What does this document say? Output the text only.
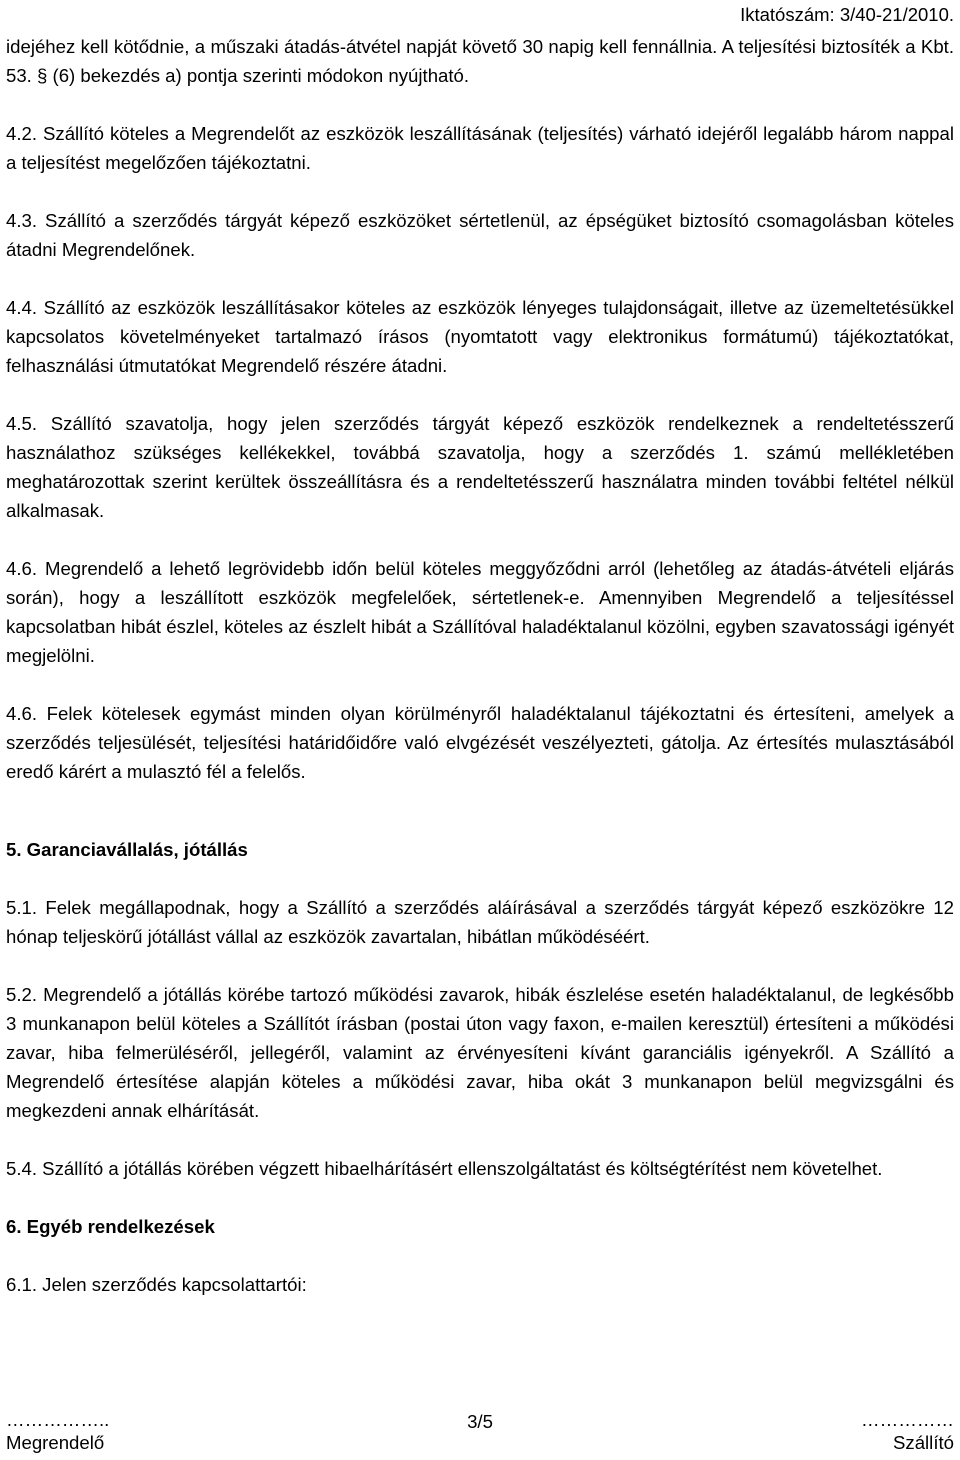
Iktatószám: 3/40-21/2010.

idejéhez kell kötődnie, a műszaki átadás-átvétel napját követő 30 napig kell fennállnia. A teljesítési biztosíték a Kbt. 53. § (6) bekezdés a) pontja szerinti módokon nyújtható.

4.2. Szállító köteles a Megrendelőt az eszközök leszállításának (teljesítés) várható idejéről legalább három nappal a teljesítést megelőzően tájékoztatni.

4.3. Szállító a szerződés tárgyát képező eszközöket sértetlenül, az épségüket biztosító csomagolásban köteles átadni Megrendelőnek.

4.4. Szállító az eszközök leszállításakor köteles az eszközök lényeges tulajdonságait, illetve az üzemeltetésükkel kapcsolatos követelményeket tartalmazó írásos (nyomtatott vagy elektronikus formátumú) tájékoztatókat, felhasználási útmutatókat Megrendelő részére átadni.

4.5. Szállító szavatolja, hogy jelen szerződés tárgyát képező eszközök rendelkeznek a rendeltetésszerű használathoz szükséges kellékekkel, továbbá szavatolja, hogy a szerződés 1. számú mellékletében meghatározottak szerint kerültek összeállításra és a rendeltetésszerű használatra minden további feltétel nélkül alkalmasak.

4.6. Megrendelő a lehető legrövidebb időn belül köteles meggyőződni arról (lehetőleg az átadás-átvételi eljárás során), hogy a leszállított eszközök megfelelőek, sértetlenek-e. Amennyiben Megrendelő a teljesítéssel kapcsolatban hibát észlel, köteles az észlelt hibát a Szállítóval haladéktalanul közölni, egyben szavatossági igényét megjelölni.

4.6. Felek kötelesek egymást minden olyan körülményről haladéktalanul tájékoztatni és értesíteni, amelyek a szerződés teljesülését, teljesítési határidőidőre való elvgézését veszélyezteti, gátolja. Az értesítés mulasztásából eredő kárért a mulasztó fél a felelős.

5. Garanciavállalás, jótállás

5.1. Felek megállapodnak, hogy a Szállító a szerződés aláírásával a szerződés tárgyát képező eszközökre 12 hónap teljeskörű jótállást vállal az eszközök zavartalan, hibátlan működéséért.

5.2. Megrendelő a jótállás körébe tartozó működési zavarok, hibák észlelése esetén haladéktalanul, de legkésőbb 3 munkanapon belül köteles a Szállítót írásban (postai úton vagy faxon, e-mailen keresztül) értesíteni a működési zavar, hiba felmerüléséről, jellegéről, valamint az érvényesíteni kívánt garanciális igényekről. A Szállító a Megrendelő értesítése alapján köteles a működési zavar, hiba okát 3 munkanapon belül megvizsgálni és megkezdeni annak elhárítását.

5.4. Szállító a jótállás körében végzett hibaelhárításért ellenszolgáltatást és költségtérítést nem követelhet.

6. Egyéb rendelkezések

6.1. Jelen szerződés kapcsolattartói:

……………..
Megrendelő
3/5	……………
Szállító
